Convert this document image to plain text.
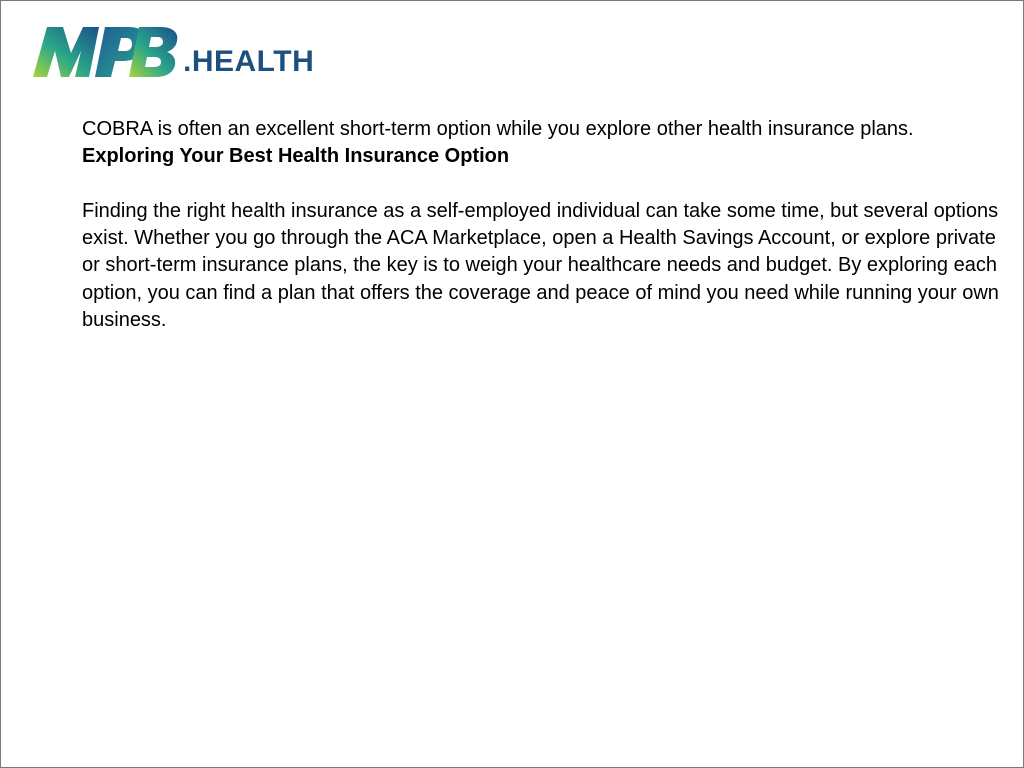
.HEALTH

COBRA is often an excellent short-term option while you explore other health insurance plans.

Exploring Your Best Health Insurance Option

Finding the right health insurance as a self-employed individual can take some time, but several options exist. Whether you go through the ACA Marketplace, open a Health Savings Account, or explore private or short-term insurance plans, the key is to weigh your healthcare needs and budget. By exploring each option, you can find a plan that offers the coverage and peace of mind you need while running your own business.
